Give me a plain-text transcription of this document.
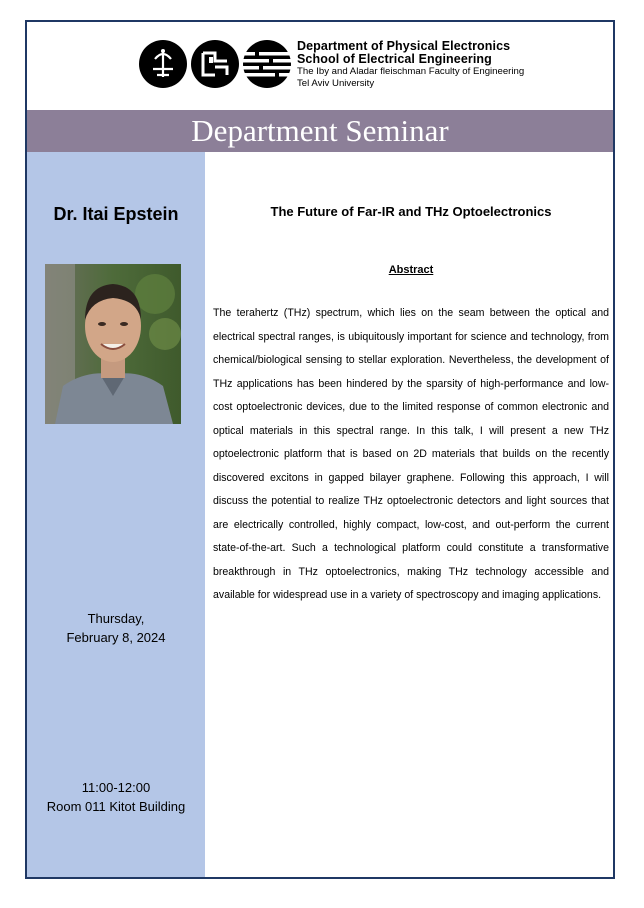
Department of Physical Electronics
School of Electrical Engineering
The Iby and Aladar fleischman Faculty of Engineering
Tel Aviv University
Department Seminar
Dr. Itai Epstein
Thursday,
February 8, 2024
11:00-12:00
Room 011 Kitot Building
The Future of Far-IR and THz Optoelectronics
Abstract
The terahertz (THz) spectrum, which lies on the seam between the optical and electrical spectral ranges, is ubiquitously important for science and technology, from chemical/biological sensing to stellar exploration. Nevertheless, the development of THz applications has been hindered by the sparsity of high-performance and low-cost optoelectronic devices, due to the limited response of common electronic and optical materials in this spectral range. In this talk, I will present a new THz optoelectronic platform that is based on 2D materials that builds on the recently discovered excitons in gapped bilayer graphene. Following this approach, I will discuss the potential to realize THz optoelectronic detectors and light sources that are electrically controlled, highly compact, low-cost, and out-perform the current state-of-the-art. Such a technological platform could constitute a transformative breakthrough in THz optoelectronics, making THz technology accessible and available for widespread use in a variety of spectroscopy and imaging applications.
